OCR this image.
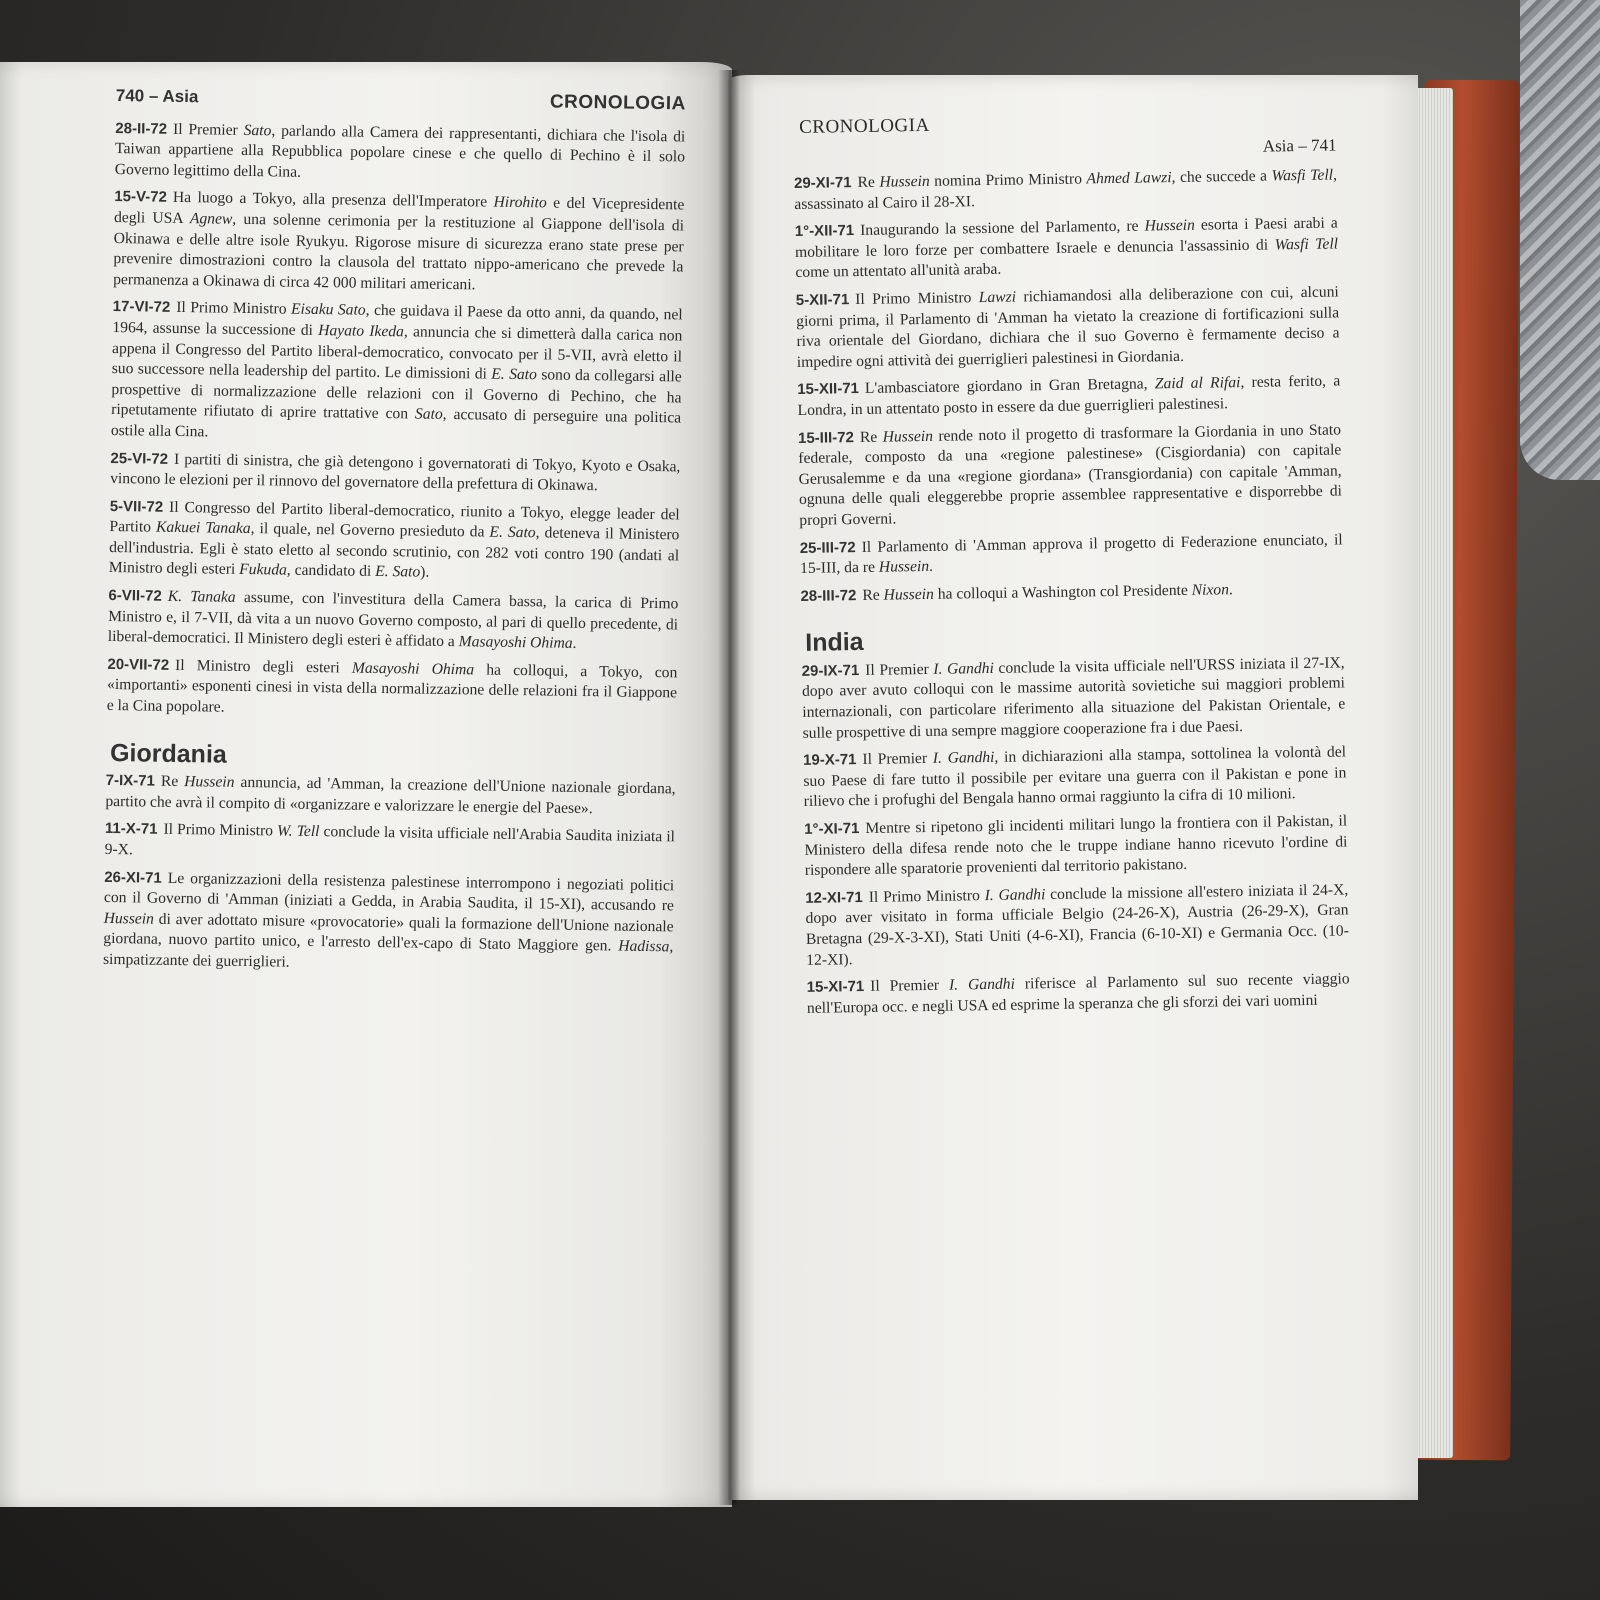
740 – Asia	CRONOLOGIA

28-II-72 Il Premier Sato, parlando alla Camera dei rappresentanti, dichiara che l'isola di Taiwan appartiene alla Repubblica popolare cinese e che quello di Pechino è il solo Governo legittimo della Cina.

15-V-72 Ha luogo a Tokyo, alla presenza dell'Imperatore Hirohito e del Vicepresidente degli USA Agnew, una solenne cerimonia per la restituzione al Giappone dell'isola di Okinawa e delle altre isole Ryukyu. Rigorose misure di sicurezza erano state prese per prevenire dimostrazioni contro la clausola del trattato nippo-americano che prevede la permanenza a Okinawa di circa 42 000 militari americani.

17-VI-72 Il Primo Ministro Eisaku Sato, che guidava il Paese da otto anni, da quando, nel 1964, assunse la successione di Hayato Ikeda, annuncia che si dimetterà dalla carica non appena il Congresso del Partito liberal-democratico, convocato per il 5-VII, avrà eletto il suo successore nella leadership del partito. Le dimissioni di E. Sato sono da collegarsi alle prospettive di normalizzazione delle relazioni con il Governo di Pechino, che ha ripetutamente rifiutato di aprire trattative con Sato, accusato di perseguire una politica ostile alla Cina.

25-VI-72 I partiti di sinistra, che già detengono i governatorati di Tokyo, Kyoto e Osaka, vincono le elezioni per il rinnovo del governatore della prefettura di Okinawa.

5-VII-72 Il Congresso del Partito liberal-democratico, riunito a Tokyo, elegge leader del Partito Kakuei Tanaka, il quale, nel Governo presieduto da E. Sato, deteneva il Ministero dell'industria. Egli è stato eletto al secondo scrutinio, con 282 voti contro 190 (andati al Ministro degli esteri Fukuda, candidato di E. Sato).

6-VII-72 K. Tanaka assume, con l'investitura della Camera bassa, la carica di Primo Ministro e, il 7-VII, dà vita a un nuovo Governo composto, al pari di quello precedente, di liberal-democratici. Il Ministero degli esteri è affidato a Masayoshi Ohima.

20-VII-72 Il Ministro degli esteri Masayoshi Ohima ha colloqui, a Tokyo, con «importanti» esponenti cinesi in vista della normalizzazione delle relazioni fra il Giappone e la Cina popolare.

Giordania

7-IX-71 Re Hussein annuncia, ad 'Amman, la creazione dell'Unione nazionale giordana, partito che avrà il compito di «organizzare e valorizzare le energie del Paese».

11-X-71 Il Primo Ministro W. Tell conclude la visita ufficiale nell'Arabia Saudita iniziata il 9-X.

26-XI-71 Le organizzazioni della resistenza palestinese interrompono i negoziati politici con il Governo di 'Amman (iniziati a Gedda, in Arabia Saudita, il 15-XI), accusando re Hussein di aver adottato misure «provocatorie» quali la formazione dell'Unione nazionale giordana, nuovo partito unico, e l'arresto dell'ex-capo di Stato Maggiore gen. Hadissa, simpatizzante dei guerriglieri.

CRONOLOGIA
Asia – 741

29-XI-71 Re Hussein nomina Primo Ministro Ahmed Lawzi, che succede a Wasfi Tell, assassinato al Cairo il 28-XI.

1°-XII-71 Inaugurando la sessione del Parlamento, re Hussein esorta i Paesi arabi a mobilitare le loro forze per combattere Israele e denuncia l'assassinio di Wasfi Tell come un attentato all'unità araba.

5-XII-71 Il Primo Ministro Lawzi richiamandosi alla deliberazione con cui, alcuni giorni prima, il Parlamento di 'Amman ha vietato la creazione di fortificazioni sulla riva orientale del Giordano, dichiara che il suo Governo è fermamente deciso a impedire ogni attività dei guerriglieri palestinesi in Giordania.

15-XII-71 L'ambasciatore giordano in Gran Bretagna, Zaid al Rifai, resta ferito, a Londra, in un attentato posto in essere da due guerriglieri palestinesi.

15-III-72 Re Hussein rende noto il progetto di trasformare la Giordania in uno Stato federale, composto da una «regione palestinese» (Cisgiordania) con capitale Gerusalemme e da una «regione giordana» (Transgiordania) con capitale 'Amman, ognuna delle quali eleggerebbe proprie assemblee rappresentative e disporrebbe di propri Governi.

25-III-72 Il Parlamento di 'Amman approva il progetto di Federazione enunciato, il 15-III, da re Hussein.

28-III-72 Re Hussein ha colloqui a Washington col Presidente Nixon.

India

29-IX-71 Il Premier I. Gandhi conclude la visita ufficiale nell'URSS iniziata il 27-IX, dopo aver avuto colloqui con le massime autorità sovietiche sui maggiori problemi internazionali, con particolare riferimento alla situazione del Pakistan Orientale, e sulle prospettive di una sempre maggiore cooperazione fra i due Paesi.

19-X-71 Il Premier I. Gandhi, in dichiarazioni alla stampa, sottolinea la volontà del suo Paese di fare tutto il possibile per evitare una guerra con il Pakistan e pone in rilievo che i profughi del Bengala hanno ormai raggiunto la cifra di 10 milioni.

1°-XI-71 Mentre si ripetono gli incidenti militari lungo la frontiera con il Pakistan, il Ministero della difesa rende noto che le truppe indiane hanno ricevuto l'ordine di rispondere alle sparatorie provenienti dal territorio pakistano.

12-XI-71 Il Primo Ministro I. Gandhi conclude la missione all'estero iniziata il 24-X, dopo aver visitato in forma ufficiale Belgio (24-26-X), Austria (26-29-X), Gran Bretagna (29-X-3-XI), Stati Uniti (4-6-XI), Francia (6-10-XI) e Germania Occ. (10-12-XI).

15-XI-71 Il Premier I. Gandhi riferisce al Parlamento sul suo recente viaggio nell'Europa occ. e negli USA ed esprime la speranza che gli sforzi dei vari uomini
